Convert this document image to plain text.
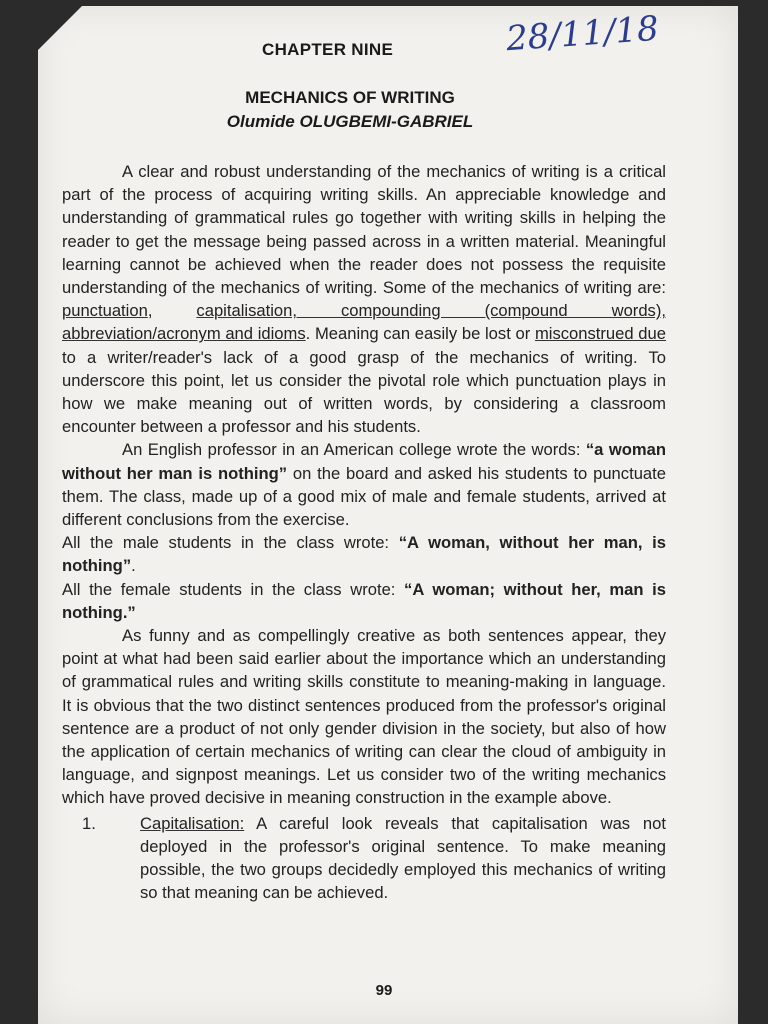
CHAPTER NINE	28/11/18
MECHANICS OF WRITING
Olumide OLUGBEMI-GABRIEL

A clear and robust understanding of the mechanics of writing is a critical part of the process of acquiring writing skills. An appreciable knowledge and understanding of grammatical rules go together with writing skills in helping the reader to get the message being passed across in a written material. Meaningful learning cannot be achieved when the reader does not possess the requisite understanding of the mechanics of writing. Some of the mechanics of writing are: punctuation, capitalisation, compounding (compound words), abbreviation/acronym and idioms. Meaning can easily be lost or misconstrued due to a writer/reader's lack of a good grasp of the mechanics of writing. To underscore this point, let us consider the pivotal role which punctuation plays in how we make meaning out of written words, by considering a classroom encounter between a professor and his students.

An English professor in an American college wrote the words: “a woman without her man is nothing” on the board and asked his students to punctuate them. The class, made up of a good mix of male and female students, arrived at different conclusions from the exercise.

All the male students in the class wrote: “A woman, without her man, is nothing”.

All the female students in the class wrote: “A woman; without her, man is nothing.”

As funny and as compellingly creative as both sentences appear, they point at what had been said earlier about the importance which an understanding of grammatical rules and writing skills constitute to meaning-making in language. It is obvious that the two distinct sentences produced from the professor's original sentence are a product of not only gender division in the society, but also of how the application of certain mechanics of writing can clear the cloud of ambiguity in language, and signpost meanings. Let us consider two of the writing mechanics which have proved decisive in meaning construction in the example above.

1.	Capitalisation: A careful look reveals that capitalisation was not deployed in the professor's original sentence. To make meaning possible, the two groups decidedly employed this mechanics of writing so that meaning can be achieved.
99
